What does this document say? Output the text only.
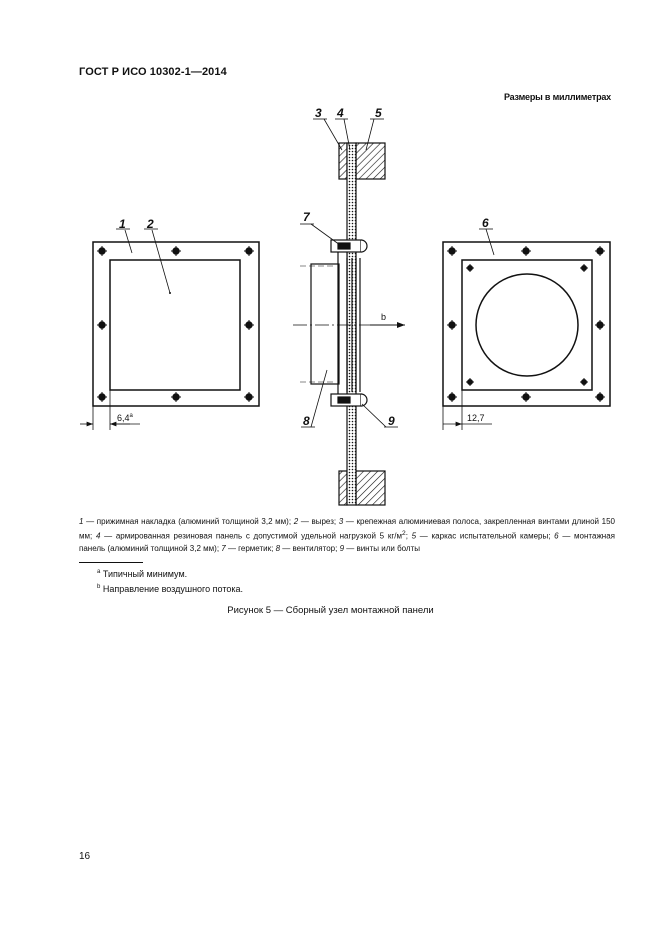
ГОСТ Р ИСО 10302-1—2014
Размеры в миллиметрах
1 2
6,4$^a$
b
3 4	5
7
8	9
6
12,7
1 — прижимная накладка (алюминий толщиной 3,2 мм); 2 — вырез; 3 — крепежная алюминиевая полоса, закрепленная винтами длиной 150 мм; 4 — армированная резиновая панель с допустимой удельной нагрузкой 5 $кг/м^2$; 5 — каркас испытательной камеры; 6 — монтажная панель (алюминий толщиной 3,2 мм); 7 — герметик; 8 — вентилятор; 9 — винты или болты
$^a$ Типичный минимум.
$^b$ Направление воздушного потока.
Рисунок 5 — Сборный узел монтажной панели
16
